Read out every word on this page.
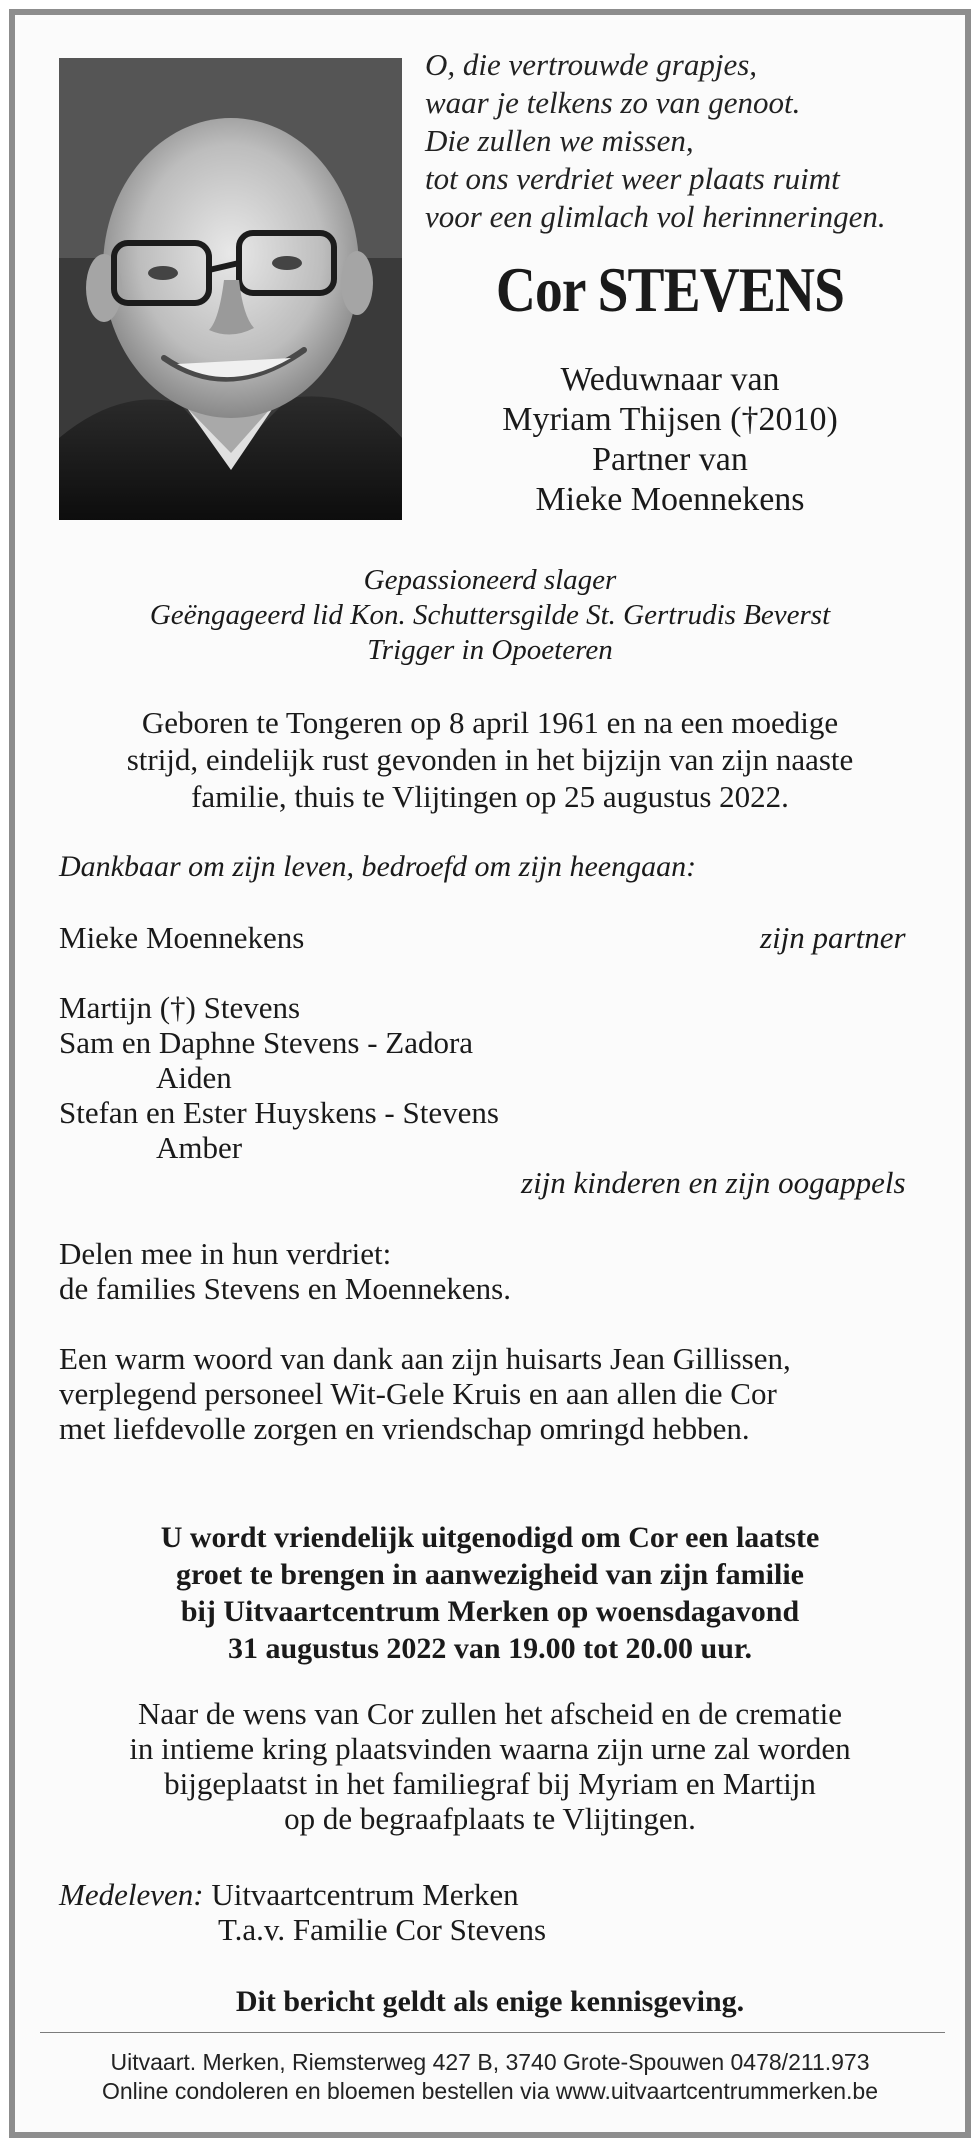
O, die vertrouwde grapjes,
waar je telkens zo van genoot.
Die zullen we missen,
tot ons verdriet weer plaats ruimt
voor een glimlach vol herinneringen.
Cor STEVENS
Weduwnaar van
Myriam Thijsen (†2010)
Partner van
Mieke Moennekens
Gepassioneerd slager
Geëngageerd lid Kon. Schuttersgilde St. Gertrudis Beverst
Trigger in Opoeteren
Geboren te Tongeren op 8 april 1961 en na een moedige
strijd, eindelijk rust gevonden in het bijzijn van zijn naaste
familie, thuis te Vlijtingen op 25 augustus 2022.
Dankbaar om zijn leven, bedroefd om zijn heengaan:
Mieke Moennekens	zijn partner
Martijn (†) Stevens
Sam en Daphne Stevens - Zadora
Aiden
Stefan en Ester Huyskens - Stevens
Amber
zijn kinderen en zijn oogappels
Delen mee in hun verdriet:
de families Stevens en Moennekens.
Een warm woord van dank aan zijn huisarts Jean Gillissen,
verplegend personeel Wit-Gele Kruis en aan allen die Cor
met liefdevolle zorgen en vriendschap omringd hebben.
U wordt vriendelijk uitgenodigd om Cor een laatste
groet te brengen in aanwezigheid van zijn familie
bij Uitvaartcentrum Merken op woensdagavond
31 augustus 2022 van 19.00 tot 20.00 uur.
Naar de wens van Cor zullen het afscheid en de crematie
in intieme kring plaatsvinden waarna zijn urne zal worden
bijgeplaatst in het familiegraf bij Myriam en Martijn
op de begraafplaats te Vlijtingen.
Medeleven: Uitvaartcentrum Merken
T.a.v. Familie Cor Stevens
Dit bericht geldt als enige kennisgeving.
Uitvaart. Merken, Riemsterweg 427 B, 3740 Grote-Spouwen 0478/211.973
Online condoleren en bloemen bestellen via www.uitvaartcentrummerken.be
